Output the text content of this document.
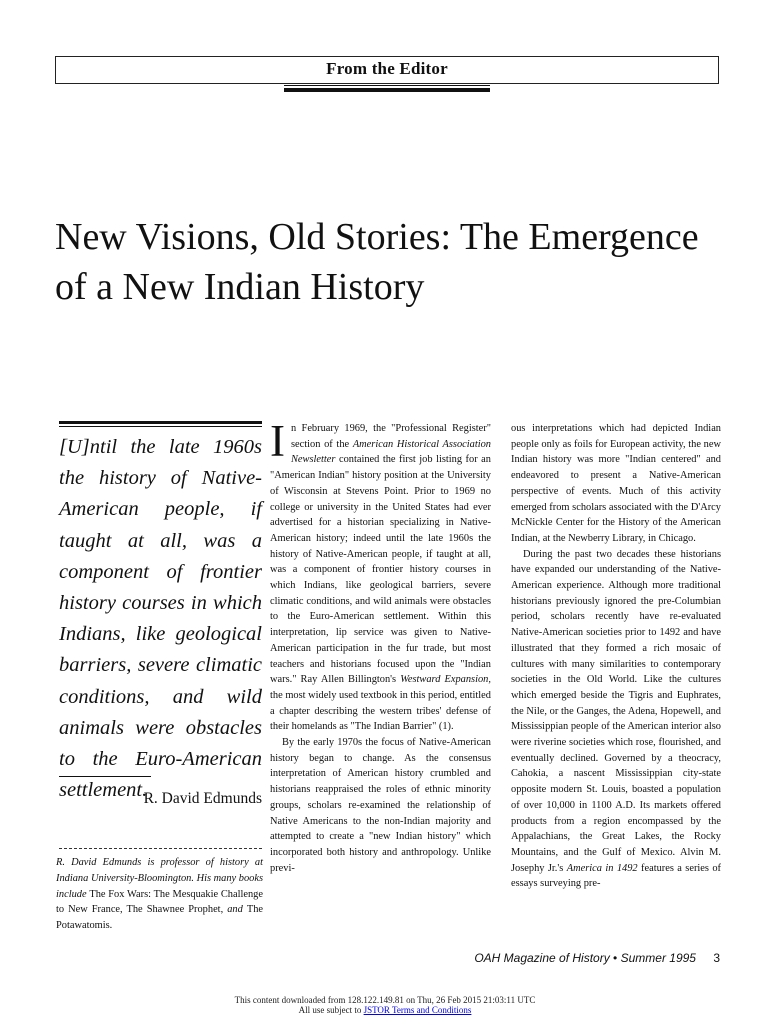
From the Editor
New Visions, Old Stories: The Emergence of a New Indian History

[U]ntil the late 1960s the history of Native-American people, if taught at all, was a component of frontier history courses in which Indians, like geological barriers, severe climatic conditions, and wild animals were obstacles to the Euro-American settlement.

R. David Edmunds

R. David Edmunds is professor of history at Indiana University-Bloomington. His many books include The Fox Wars: The Mesquakie Challenge to New France, The Shawnee Prophet, and The Potawatomis.

In February 1969, the "Professional Register" section of the American Historical Association Newsletter contained the first job listing for an "American Indian" history position at the University of Wisconsin at Stevens Point. Prior to 1969 no college or university in the United States had ever advertised for a historian specializing in Native-American history; indeed until the late 1960s the history of Native-American people, if taught at all, was a component of frontier history courses in which Indians, like geological barriers, severe climatic conditions, and wild animals were obstacles to the Euro-American settlement. Within this interpretation, lip service was given to Native-American participation in the fur trade, but most teachers and historians focused upon the "Indian wars." Ray Allen Billington's Westward Expansion, the most widely used textbook in this period, entitled a chapter describing the western tribes' defense of their homelands as "The Indian Barrier" (1).

By the early 1970s the focus of Native-American history began to change. As the consensus interpretation of American history crumbled and historians reappraised the roles of ethnic minority groups, scholars re-examined the relationship of Native Americans to the non-Indian majority and attempted to create a "new Indian history" which incorporated both history and anthropology. Unlike previ-

ous interpretations which had depicted Indian people only as foils for European activity, the new Indian history was more "Indian centered" and endeavored to present a Native-American perspective of events. Much of this activity emerged from scholars associated with the D'Arcy McNickle Center for the History of the American Indian, at the Newberry Library, in Chicago.

During the past two decades these historians have expanded our understanding of the Native-American experience. Although more traditional historians previously ignored the pre-Columbian period, scholars recently have re-evaluated Native-American societies prior to 1492 and have illustrated that they formed a rich mosaic of cultures with many similarities to contemporary societies in the Old World. Like the cultures which emerged beside the Tigris and Euphrates, the Nile, or the Ganges, the Adena, Hopewell, and Mississippian people of the American interior also were riverine societies which rose, flourished, and eventually declined. Governed by a theocracy, Cahokia, a nascent Mississippian city-state opposite modern St. Louis, boasted a population of over 10,000 in 1100 A.D. Its markets offered products from a region encompassed by the Appalachians, the Great Lakes, the Rocky Mountains, and the Gulf of Mexico. Alvin M. Josephy Jr.'s America in 1492 features a series of essays surveying pre-

OAH Magazine of History • Summer 1995 3
This content downloaded from 128.122.149.81 on Thu, 26 Feb 2015 21:03:11 UTC
All use subject to JSTOR Terms and Conditions
